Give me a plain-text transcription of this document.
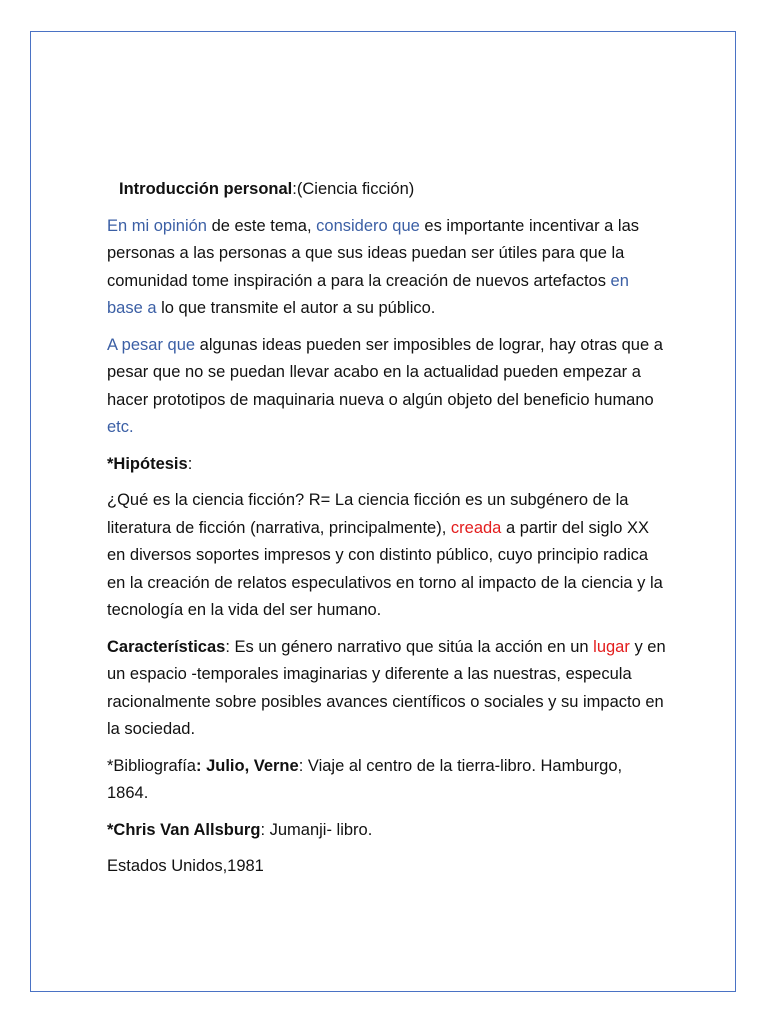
Introducción personal:(Ciencia ficción)

En mi opinión de este tema, considero que es importante incentivar a las personas a las personas a que sus ideas puedan ser útiles para que la comunidad tome inspiración a para la creación de nuevos artefactos en base a lo que transmite el autor a su público.

A pesar que algunas ideas pueden ser imposibles de lograr, hay otras que a pesar que no se puedan llevar acabo en la actualidad pueden empezar a hacer prototipos de maquinaria nueva o algún objeto del beneficio humano etc.

*Hipótesis:

¿Qué es la ciencia ficción? R= La ciencia ficción es un subgénero de la literatura de ficción (narrativa, principalmente), creada a partir del siglo XX en diversos soportes impresos y con distinto público, cuyo principio radica en la creación de relatos especulativos en torno al impacto de la ciencia y la tecnología en la vida del ser humano.

Características: Es un género narrativo que sitúa la acción en un lugar y en un espacio -temporales imaginarias y diferente a las nuestras, especula racionalmente sobre posibles avances científicos o sociales y su impacto en la sociedad.

*Bibliografía: Julio, Verne: Viaje al centro de la tierra-libro. Hamburgo, 1864.

*Chris Van Allsburg: Jumanji- libro.

Estados Unidos,1981
